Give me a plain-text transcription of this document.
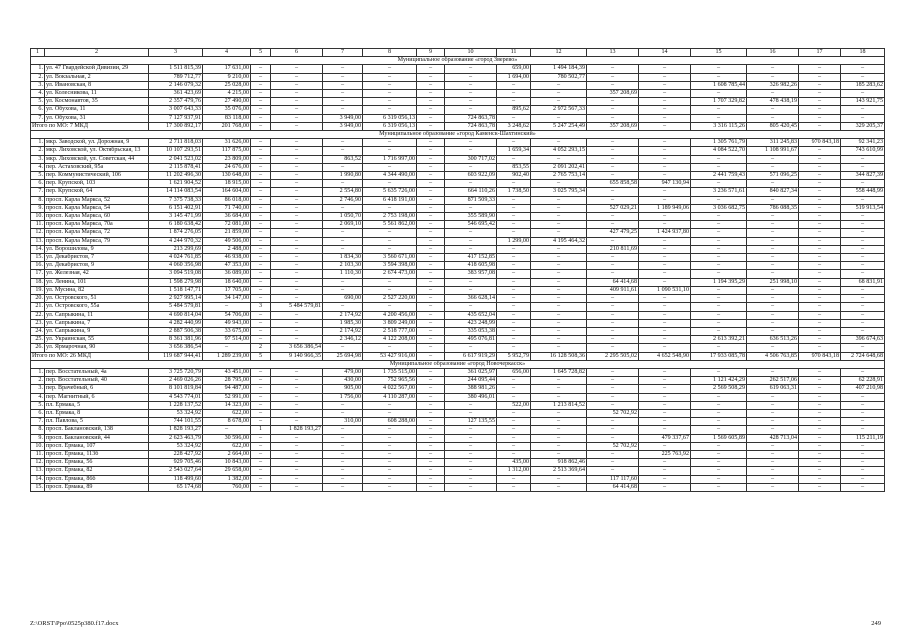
1	2	3	4	5	6	7	8	9	10	11	12	13	14	15	16	17	18
Муниципальное образование «город Зверево»																	
1.	ул. 47 Гвардейской Дивизии, 29	1 511 815,39	17 631,00	–	–	–	–	–	–	659,00	1 494 184,39	–	–	–	–	–	–
2.	ул. Вокзальная, 2	789 712,77	9 210,00	–	–	–	–	–	–	1 694,00	780 502,77	–	–	–	–	–	–
3.	ул. Ивановская, 8	2 146 079,32	25 028,00	–	–	–	–	–	–	–	–	–	–	1 608 785,44	326 982,26	–	185 283,62
4.	ул. Колесникова, 11	361 423,69	4 215,00	–	–	–	–	–	–	–	–	357 208,69	–	–	–	–	–
5.	ул. Космонавтов, 35	2 357 479,76	27 490,00	–	–	–	–	–	–	–	–	–	–	1 707 329,82	478 438,19	–	143 921,75
6.	ул. Обухова, 11	3 007 643,33	35 076,00	–	–	–	–	–	–	895,62	2 972 567,33	–	–	–	–	–	–
7.	ул. Обухова, 31	7 127 937,91	83 118,00	–	–	3 949,00	6 319 056,13	–	724 863,78	–	–	–	–	–	–	–	–
Итого по МО: 7 МКД		17 300 892,17	201 768,00	–	–	3 949,00	6 319 056,13	–	724 863,78	3 248,62	5 247 254,49	357 208,69	–	3 316 115,26	805 420,45	–	329 205,37
Муниципальное образование «город Каменск-Шахтинский»																	
1.	мкр. Заводской, ул. Дорожная, 9	2 711 818,03	31 626,00	–	–	–	–	–	–	–	–	–	–	1 305 761,79	311 245,83	970 843,18	92 341,23
2.	мкр. Лиховской, ул. Октябрьская, 13	10 107 293,51	117 875,00	–	–	–	–	–	–	1 659,34	4 052 293,15	–	–	4 084 522,70	1 108 991,67	–	743 610,99
3.	мкр. Лиховской, ул. Советская, 44	2 041 523,02	23 809,00	–	–	863,52	1 716 997,00	–	300 717,02	–	–	–	–	–	–	–	–
4.	пер. Астаховский, 95а	2 115 878,41	24 676,00	–	–	–	–	–	–	853,55	2 091 202,41	–	–	–	–	–	–
5.	пер. Коммунистический, 106	11 202 496,30	130 648,00	–	–	1 990,80	4 344 490,00	–	603 922,09	902,40	2 765 753,14	–	–	2 441 759,43	571 096,25	–	344 827,39
6.	пер. Крупской, 103	1 621 904,52	18 915,00	–	–	–	–	–	–	–	–	655 858,58	947 130,94	–	–	–	–
7.	пер. Крупской, 64	14 114 083,54	164 604,00	–	–	2 554,80	5 635 726,00	–	664 110,26	1 738,50	3 025 795,34	–	–	3 236 571,61	840 827,34	–	558 448,99
8.	просп. Карла Маркса, 52	7 375 738,33	86 018,00	–	–	2 746,90	6 418 191,00	–	871 509,33	–	–	–	–	–	–	–	–
9.	просп. Карла Маркса, 54	6 151 402,91	71 740,00	–	–	–	–	–	–	–	–	527 029,21	1 189 949,06	3 036 682,75	786 088,35	–	519 913,54
10.	просп. Карла Маркса, 60	3 145 471,99	36 684,00	–	–	1 050,70	2 753 198,00	–	355 589,90	–	–	–	–	–	–	–	–
11.	просп. Карла Маркса, 70а	6 180 638,42	72 081,00	–	–	2 069,10	5 561 862,00	–	546 695,42	–	–	–	–	–	–	–	–
12.	просп. Карла Маркса, 72	1 874 276,05	21 859,00	–	–	–	–	–	–	–	–	427 479,25	1 424 937,80	–	–	–	–
13.	просп. Карла Маркса, 79	4 244 970,32	49 506,00	–	–	–	–	–	–	1 299,00	4 195 464,32	–	–	–	–	–	–
14.	ул. Ворошилова, 9	213 299,69	2 488,00	–	–	–	–	–	–	–	–	210 811,69	–	–	–	–	–
15.	ул. Декабристов, 7	4 024 761,85	46 938,00	–	–	1 834,30	3 560 671,00	–	417 152,85	–	–	–	–	–	–	–	–
16.	ул. Декабристов, 9	4 060 356,98	47 353,00	–	–	2 103,30	3 594 398,00	–	418 605,98	–	–	–	–	–	–	–	–
17.	ул. Железная, 42	3 094 519,08	36 089,00	–	–	1 110,30	2 674 473,00	–	383 957,08	–	–	–	–	–	–	–	–
18.	ул. Ленина, 101	1 598 279,98	18 640,00	–	–	–	–	–	–	–	–	64 414,68	–	1 194 395,29	251 998,10	–	68 831,91
19.	ул. Мусина, 82	1 518 147,71	17 705,00	–	–	–	–	–	–	–	–	409 911,61	1 090 531,10	–	–	–	–
20.	ул. Островского, 51	2 927 995,14	34 147,00	–	–	690,00	2 527 220,00	–	366 628,14	–	–	–	–	–	–	–	–
21.	ул. Островского, 55а	5 484 579,81	–	3	5 484 579,81	–	–	–	–	–	–	–	–	–	–	–	–
22.	ул. Сапрыкина, 11	4 690 814,04	54 706,00	–	–	2 174,92	4 200 456,00	–	435 652,04	–	–	–	–	–	–	–	–
23.	ул. Сапрыкина, 7	4 282 440,99	49 943,00	–	–	1 985,30	3 809 249,00	–	423 248,99	–	–	–	–	–	–	–	–
24.	ул. Сапрыкина, 9	2 887 506,38	33 675,00	–	–	2 174,92	2 518 777,00	–	335 053,38	–	–	–	–	–	–	–	–
25.	ул. Украинская, 55	8 361 381,96	97 514,00	–	–	2 346,12	4 122 208,00	–	495 076,81	–	–	–	–	2 613 392,21	636 513,26	–	396 674,63
26.	ул. Ярмарочная, 90	3 656 386,54	–	2	3 656 386,54	–	–	–	–	–	–	–	–	–	–	–	–
Итого по МО: 26 МКД		119 687 944,41	1 289 239,00	5	9 140 966,35	25 694,98	53 427 916,00	–	6 617 919,29	5 952,79	16 128 508,36	2 295 505,02	4 652 548,90	17 933 085,78	4 506 763,85	970 843,18	2 724 648,68
Муниципальное образование «город Новочеркасск»																	
1.	пер. Восстательный, 4а	3 725 720,79	43 451,00	–	–	479,00	1 735 515,00	–	361 025,97	656,00	1 645 728,82	–	–	–	–	–	–
2.	пер. Восстательный, 40	2 469 026,26	28 795,00	–	–	430,00	752 965,56	–	244 095,44	–	–	–	–	1 121 424,29	262 517,06	–	62 228,91
3.	пер. Врачебный, 6	8 101 819,84	94 487,00	–	–	905,00	4 022 567,00	–	388 981,26	–	–	–	–	2 569 508,29	619 063,31	–	407 210,98
4.	пер. Магнитный, 6	4 543 774,01	52 991,00	–	–	1 756,00	4 110 287,00	–	380 496,01	–	–	–	–	–	–	–	–
5.	пл. Ермака, 5	1 228 137,52	14 323,00	–	–	–	–	–	–	522,00	1 213 814,52	–	–	–	–	–	–
6.	пл. Ермака, 8	53 324,92	622,00	–	–	–	–	–	–	–	–	52 702,92	–	–	–	–	–
7.	пл. Павлова, 5	744 101,55	8 678,00	–	–	310,00	608 288,00	–	127 135,55	–	–	–	–	–	–	–	–
8.	просп. Баклановский, 138	1 828 193,27	–	1	1 828 193,27	–	–	–	–	–	–	–	–	–	–	–	–
9.	просп. Баклановский, 44	2 623 463,79	30 596,00	–	–	–	–	–	–	–	–	–	479 337,67	1 569 605,89	428 713,04	–	115 211,19
10.	просп. Ермака, 107	53 324,92	622,00	–	–	–	–	–	–	–	–	52 702,92	–	–	–	–	–
11.	просп. Ермака, 113б	228 427,92	2 664,00	–	–	–	–	–	–	–	–	–	225 763,92	–	–	–	–
12.	просп. Ермака, 56	929 705,46	10 843,00	–	–	–	–	–	–	435,00	918 862,46	–	–	–	–	–	–
13.	просп. Ермака, 82	2 543 027,64	29 658,00	–	–	–	–	–	–	1 312,00	2 513 369,64	–	–	–	–	–	–
14.	просп. Ермака, 86б	118 499,60	1 382,00	–	–	–	–	–	–	–	–	117 117,60	–	–	–	–	–
15.	просп. Ермака, 89	65 174,68	760,00	–	–	–	–	–	–	–	–	64 414,68	–	–	–	–	–
Z:\ORST\Ppo\0525p380.f17.docx	249
